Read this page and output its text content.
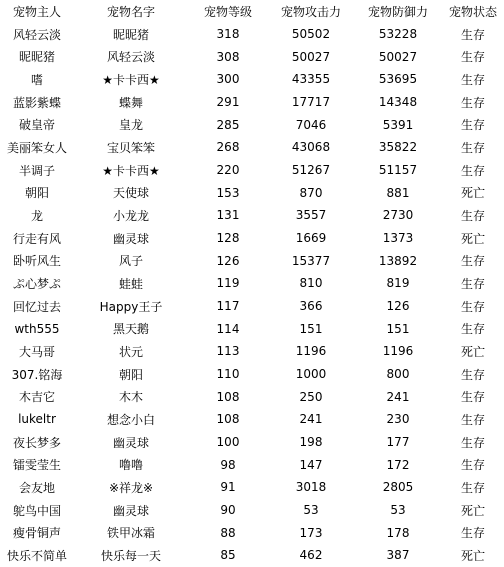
宠物主人	宠物名字	宠物等级	宠物攻击力	宠物防御力	宠物状态
风轻云淡	昵昵猪	318	50502	53228	生存
昵昵猪	风轻云淡	308	50027	50027	生存
嗜	★卡卡西★	300	43355	53695	生存
蓝影紫蝶	蝶舞	291	17717	14348	生存
破皇帝	皇龙	285	7046	5391	生存
美丽笨女人	宝贝笨笨	268	43068	35822	生存
半调子	★卡卡西★	220	51267	51157	生存
朝阳	天使球	153	870	881	死亡
龙	小龙龙	131	3557	2730	生存
行走有风	幽灵球	128	1669	1373	死亡
卧听风生	风子	126	15377	13892	生存
ぷ心梦ぷ	蛙蛙	119	810	819	生存
回忆过去	Happy王子	117	366	126	生存
wth555	黑天鹅	114	151	151	生存
大马哥	状元	113	1196	1196	死亡
307.铭海	朝阳	110	1000	800	生存
木吉它	木木	108	250	241	生存
lukeltr	想念小白	108	241	230	生存
夜长梦多	幽灵球	100	198	177	生存
镭雯莹生	噜噜	98	147	172	生存
会友地	※祥龙※	91	3018	2805	生存
鸵鸟中国	幽灵球	90	53	53	死亡
瘦骨铜声	铁甲冰霜	88	173	178	生存
快乐不简单	快乐每一天	85	462	387	死亡
